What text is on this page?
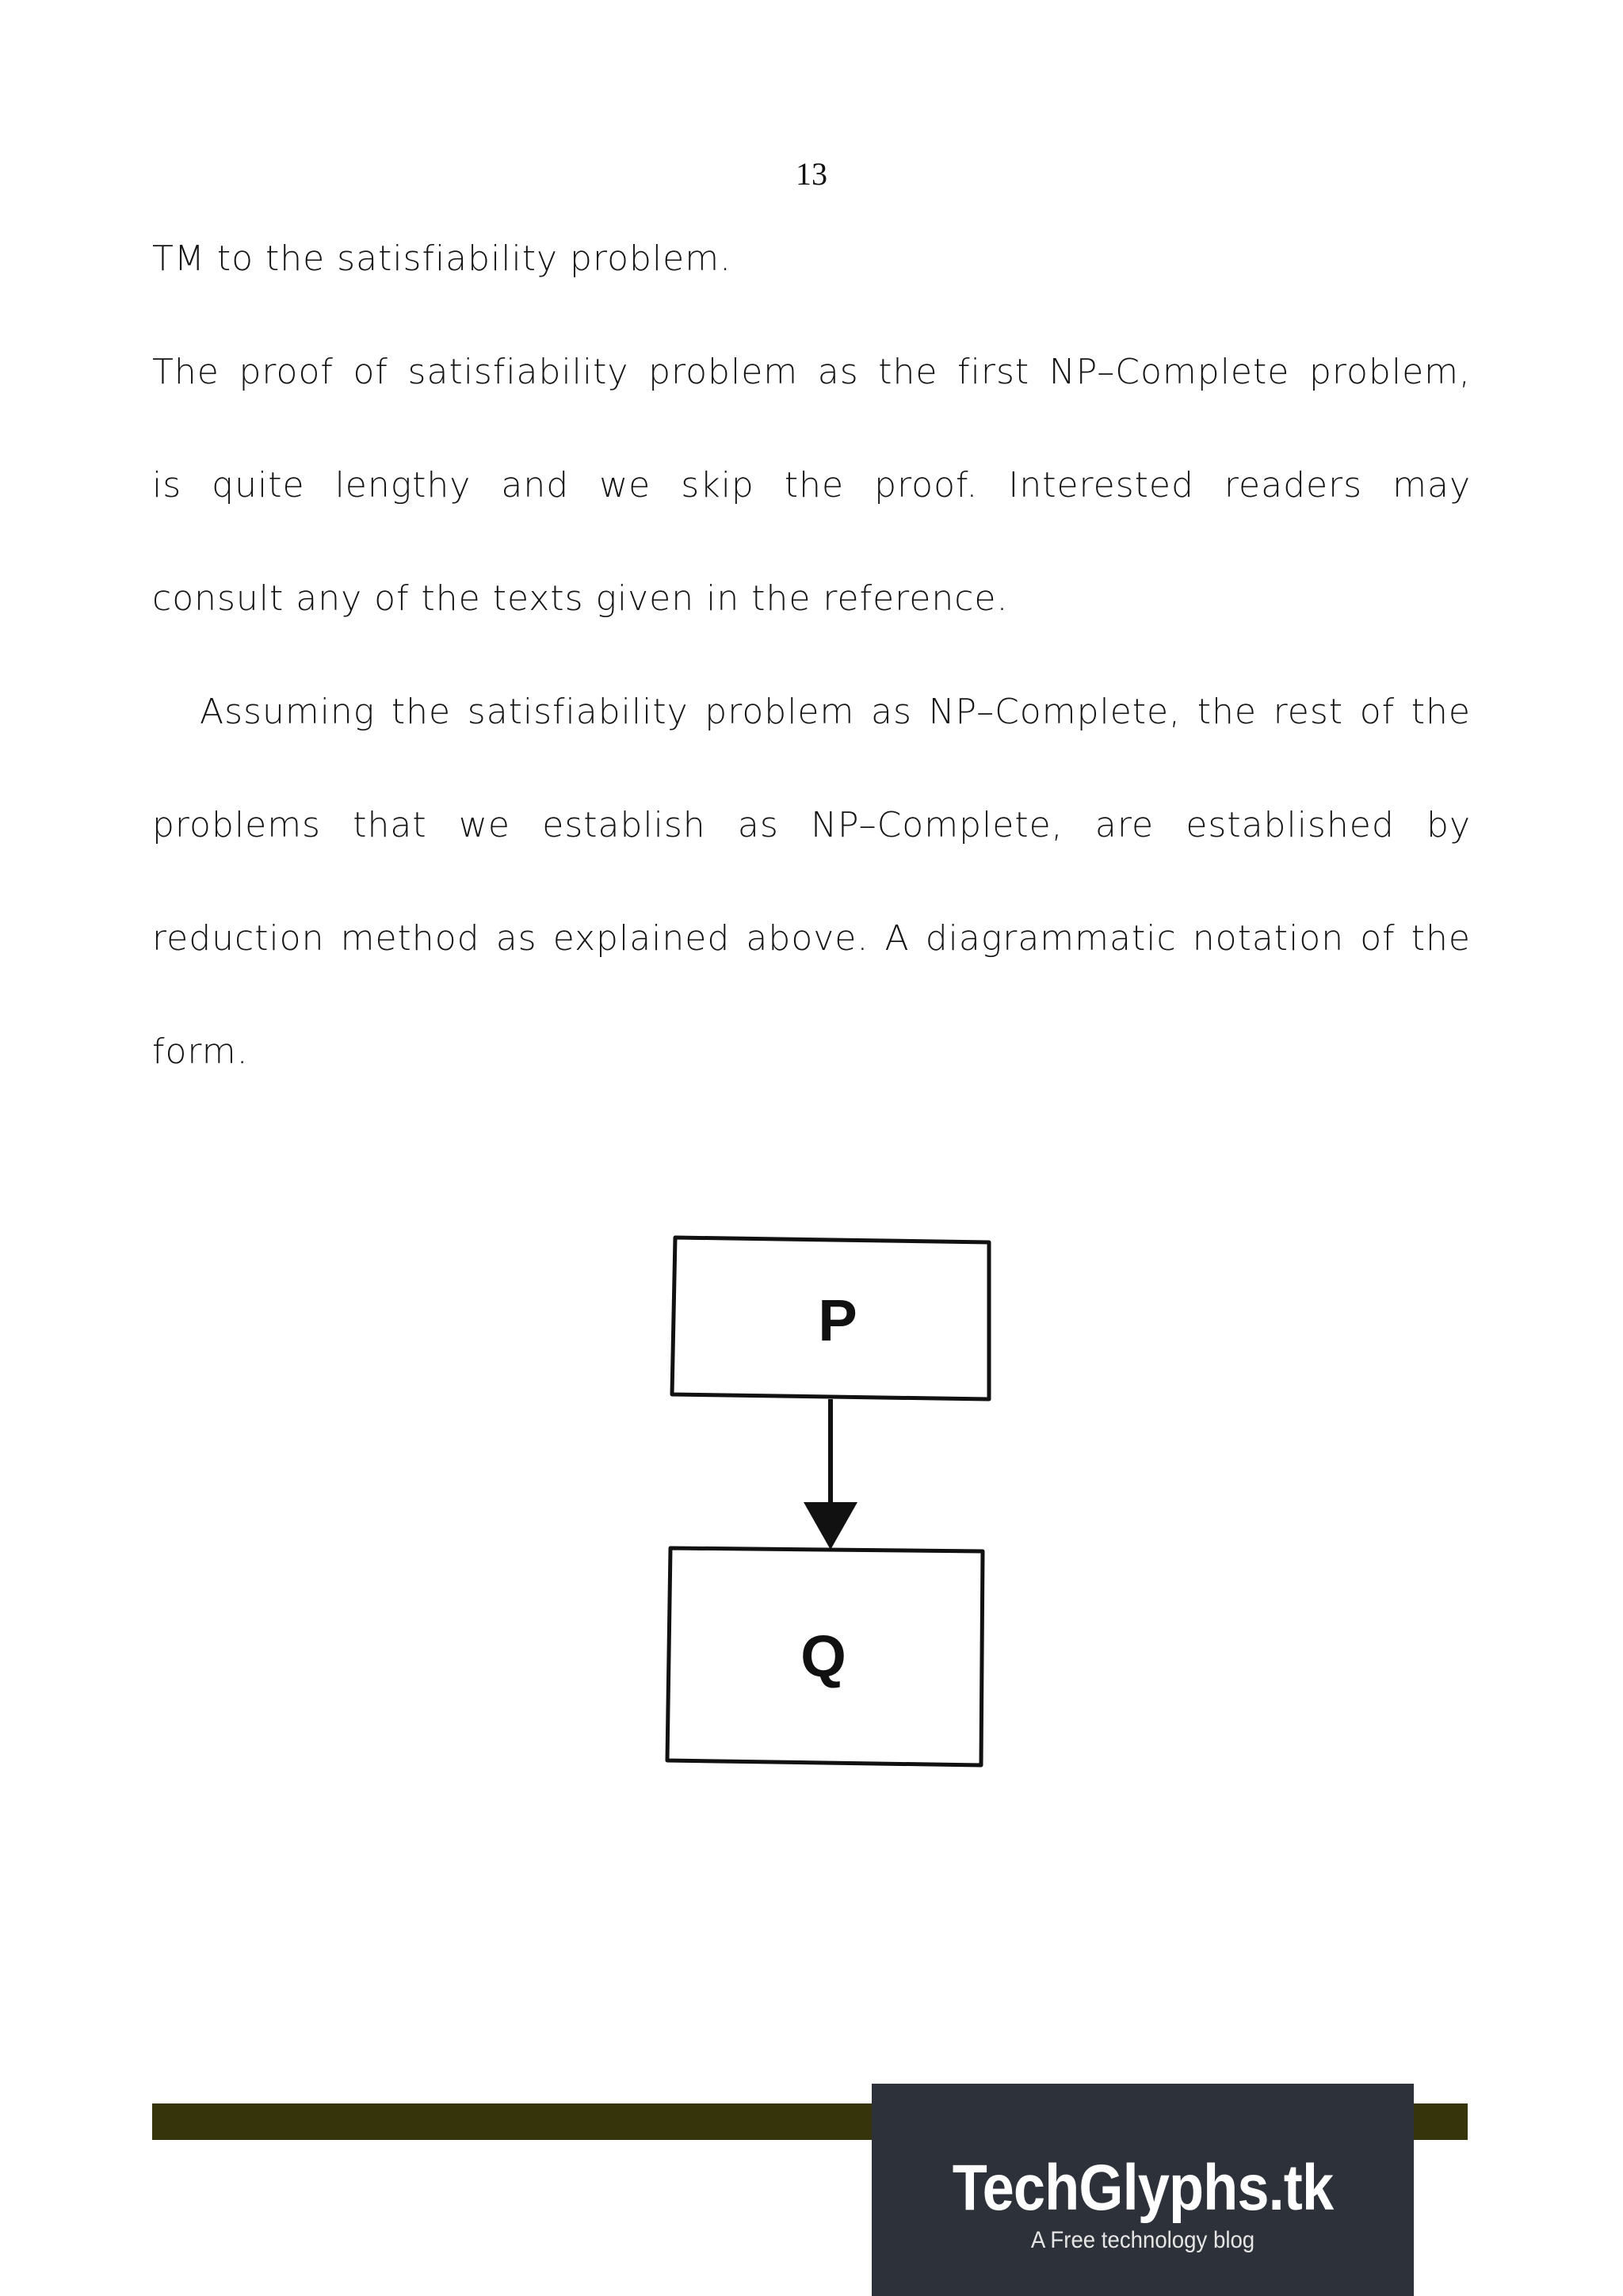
13
TM to the satisfiability problem.
The proof of satisfiability problem as the first NP–Complete problem,
is quite lengthy and we skip the proof. Interested readers may
consult any of the texts given in the reference.
Assuming the satisfiability problem as NP–Complete, the rest of the
problems that we establish as NP–Complete, are established by
reduction method as explained above. A diagrammatic notation of the
form.
P
Q
TechGlyphs.tk
A Free technology blog
